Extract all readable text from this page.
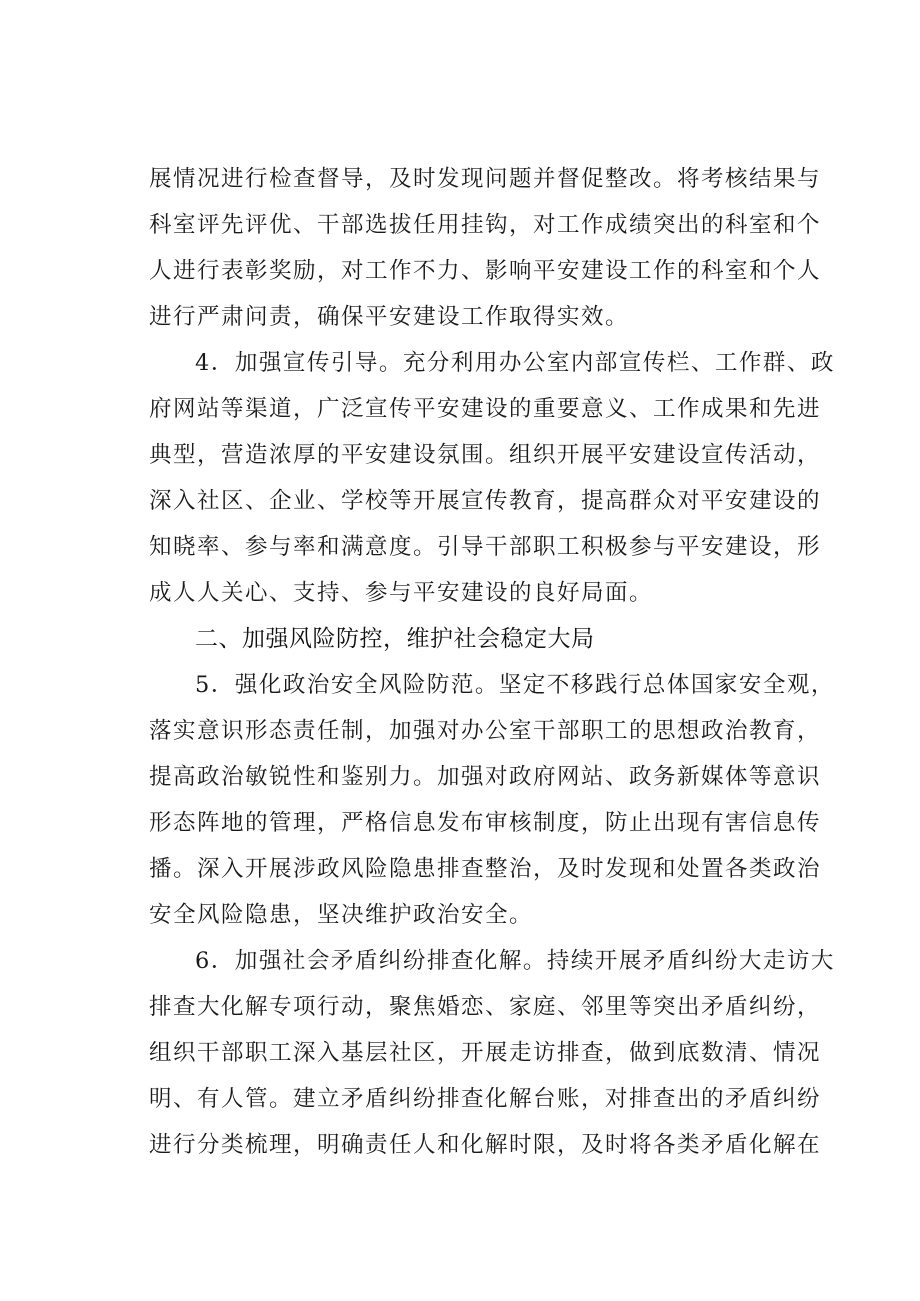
展情况进行检查督导，及时发现问题并督促整改。将考核结果与
科室评先评优、干部选拔任用挂钩，对工作成绩突出的科室和个
人进行表彰奖励，对工作不力、影响平安建设工作的科室和个人
进行严肃问责，确保平安建设工作取得实效。
4．加强宣传引导。充分利用办公室内部宣传栏、工作群、政
府网站等渠道，广泛宣传平安建设的重要意义、工作成果和先进
典型，营造浓厚的平安建设氛围。组织开展平安建设宣传活动，
深入社区、企业、学校等开展宣传教育，提高群众对平安建设的
知晓率、参与率和满意度。引导干部职工积极参与平安建设，形
成人人关心、支持、参与平安建设的良好局面。
二、加强风险防控，维护社会稳定大局
5．强化政治安全风险防范。坚定不移践行总体国家安全观，
落实意识形态责任制，加强对办公室干部职工的思想政治教育，
提高政治敏锐性和鉴别力。加强对政府网站、政务新媒体等意识
形态阵地的管理，严格信息发布审核制度，防止出现有害信息传
播。深入开展涉政风险隐患排查整治，及时发现和处置各类政治
安全风险隐患，坚决维护政治安全。
6．加强社会矛盾纠纷排查化解。持续开展矛盾纠纷大走访大
排查大化解专项行动，聚焦婚恋、家庭、邻里等突出矛盾纠纷，
组织干部职工深入基层社区，开展走访排查，做到底数清、情况
明、有人管。建立矛盾纠纷排查化解台账，对排查出的矛盾纠纷
进行分类梳理，明确责任人和化解时限，及时将各类矛盾化解在
